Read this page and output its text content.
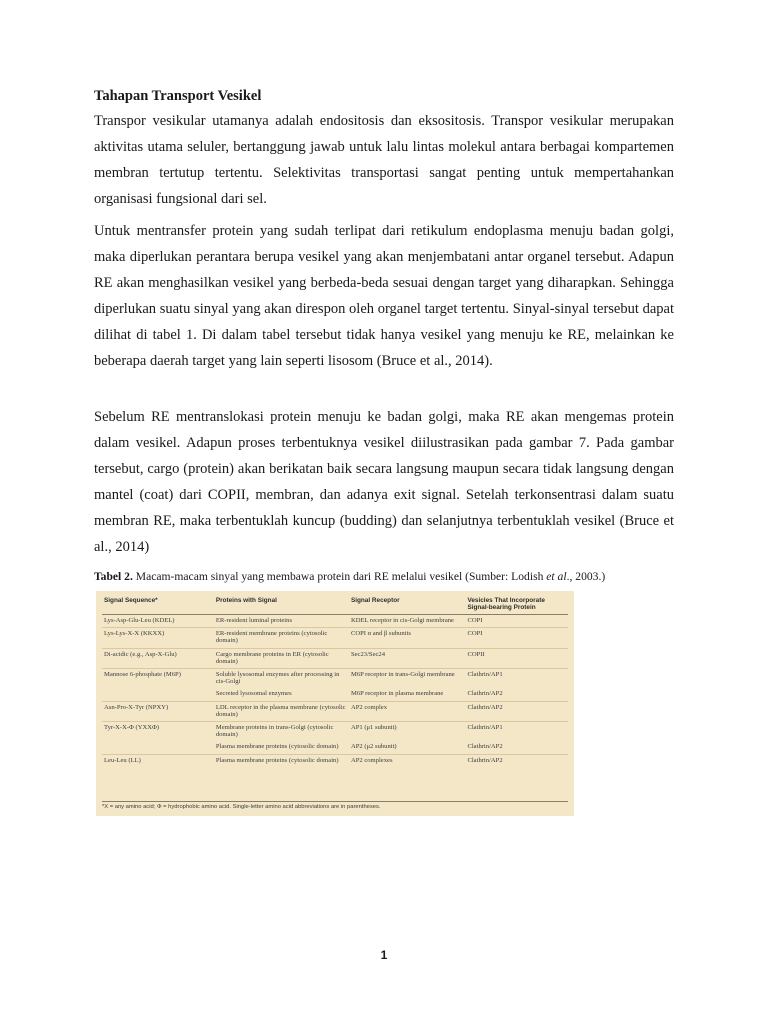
Tahapan Transport Vesikel

Transpor vesikular utamanya adalah endositosis dan eksositosis. Transpor vesikular merupakan aktivitas utama seluler, bertanggung jawab untuk lalu lintas molekul antara berbagai kompartemen membran tertutup tertentu. Selektivitas transportasi sangat penting untuk mempertahankan organisasi fungsional dari sel.

Untuk mentransfer protein yang sudah terlipat dari retikulum endoplasma menuju badan golgi, maka diperlukan perantara berupa vesikel yang akan menjembatani antar organel tersebut. Adapun RE akan menghasilkan vesikel yang berbeda-beda sesuai dengan target yang diharapkan. Sehingga diperlukan suatu sinyal yang akan direspon oleh organel target tertentu. Sinyal-sinyal tersebut dapat dilihat di tabel 1. Di dalam tabel tersebut tidak hanya vesikel yang menuju ke RE, melainkan ke beberapa daerah target yang lain seperti lisosom (Bruce et al., 2014).

Sebelum RE mentranslokasi protein menuju ke badan golgi, maka RE akan mengemas protein dalam vesikel. Adapun proses terbentuknya vesikel diilustrasikan pada gambar 7. Pada gambar tersebut, cargo (protein) akan berikatan baik secara langsung maupun secara tidak langsung dengan mantel (coat) dari COPII, membran, dan adanya exit signal. Setelah terkonsentrasi dalam suatu membran RE, maka terbentuklah kuncup (budding) dan selanjutnya terbentuklah vesikel (Bruce et al., 2014)

Tabel 2. Macam-macam sinyal yang membawa protein dari RE melalui vesikel (Sumber: Lodish et al., 2003.)

Signal Sequence*	Proteins with Signal	Signal Receptor	Vesicles That Incorporate Signal-bearing Protein
Lys-Asp-Glu-Leu (KDEL)	ER-resident luminal proteins	KDEL receptor in cis-Golgi membrane	COPI
Lys-Lys-X-X (KKXX)	ER-resident membrane proteins (cytosolic domain)	COPI α and β subunits	COPI
Di-acidic (e.g., Asp-X-Glu)	Cargo membrane proteins in ER (cytosolic domain)	Sec23/Sec24	COPII
Mannose 6-phosphate (M6P)	Soluble lysosomal enzymes after processing in cis-Golgi	M6P receptor in trans-Golgi membrane	Clathrin/AP1
	Secreted lysosomal enzymes	M6P receptor in plasma membrane	Clathrin/AP2
Asn-Pro-X-Tyr (NPXY)	LDL receptor in the plasma membrane (cytosolic domain)	AP2 complex	Clathrin/AP2
Tyr-X-X-Φ (YXXΦ)	Membrane proteins in trans-Golgi (cytosolic domain)	AP1 (μ1 subunit)	Clathrin/AP1
	Plasma membrane proteins (cytosolic domain)	AP2 (μ2 subunit)	Clathrin/AP2
Leu-Leu (LL)	Plasma membrane proteins (cytosolic domain)	AP2 complexes	Clathrin/AP2
*X = any amino acid; Φ = hydrophobic amino acid. Single-letter amino acid abbreviations are in parentheses.
1
